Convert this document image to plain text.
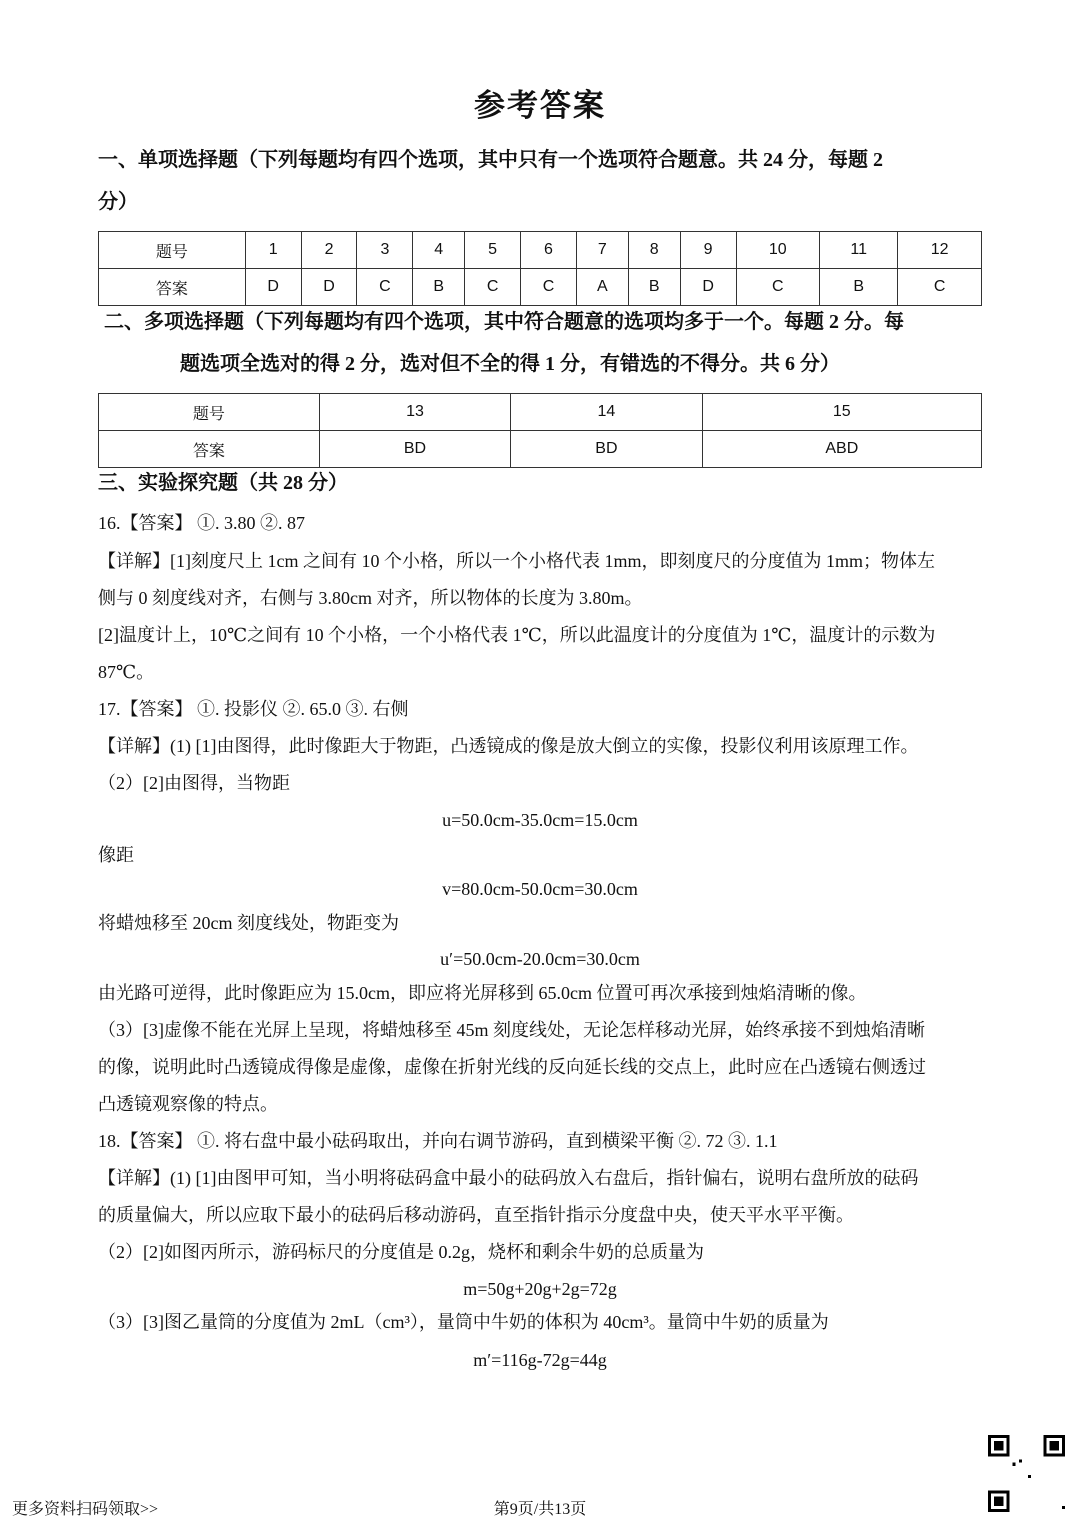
参考答案
一、单项选择题（下列每题均有四个选项，其中只有一个选项符合题意。共 24 分，每题 2
分）
题号	1	2	3	4	5	6	7	8	9	10	11	12
答案	D	D	C	B	C	C	A	B	D	C	B	C
二、多项选择题（下列每题均有四个选项，其中符合题意的选项均多于一个。每题 2 分。每
题选项全选对的得 2 分，选对但不全的得 1 分，有错选的不得分。共 6 分）
题号	13	14	15
答案	BD	BD	ABD
三、实验探究题（共 28 分）
16.【答案】 ①. 3.80 ②. 87
【详解】[1]刻度尺上 1cm 之间有 10 个小格，所以一个小格代表 1mm，即刻度尺的分度值为 1mm；物体左
侧与 0 刻度线对齐，右侧与 3.80cm 对齐，所以物体的长度为 3.80m。
[2]温度计上，10℃之间有 10 个小格，一个小格代表 1℃，所以此温度计的分度值为 1℃，温度计的示数为
87℃。
17.【答案】 ①. 投影仪 ②. 65.0 ③. 右侧
【详解】(1) [1]由图得，此时像距大于物距，凸透镜成的像是放大倒立的实像，投影仪利用该原理工作。
（2）[2]由图得，当物距
u=50.0cm-35.0cm=15.0cm
像距
v=80.0cm-50.0cm=30.0cm
将蜡烛移至 20cm 刻度线处，物距变为
u′=50.0cm-20.0cm=30.0cm
由光路可逆得，此时像距应为 15.0cm，即应将光屏移到 65.0cm 位置可再次承接到烛焰清晰的像。
（3）[3]虚像不能在光屏上呈现，将蜡烛移至 45m 刻度线处，无论怎样移动光屏，始终承接不到烛焰清晰
的像，说明此时凸透镜成得像是虚像，虚像在折射光线的反向延长线的交点上，此时应在凸透镜右侧透过
凸透镜观察像的特点。
18.【答案】 ①. 将右盘中最小砝码取出，并向右调节游码，直到横梁平衡 ②. 72 ③. 1.1
【详解】(1) [1]由图甲可知，当小明将砝码盒中最小的砝码放入右盘后，指针偏右，说明右盘所放的砝码
的质量偏大，所以应取下最小的砝码后移动游码，直至指针指示分度盘中央，使天平水平平衡。
（2）[2]如图丙所示，游码标尺的分度值是 0.2g，烧杯和剩余牛奶的总质量为
m=50g+20g+2g=72g
（3）[3]图乙量筒的分度值为 2mL（cm³），量筒中牛奶的体积为 40cm³。量筒中牛奶的质量为
m′=116g-72g=44g
更多资料扫码领取>>	第9页/共13页
